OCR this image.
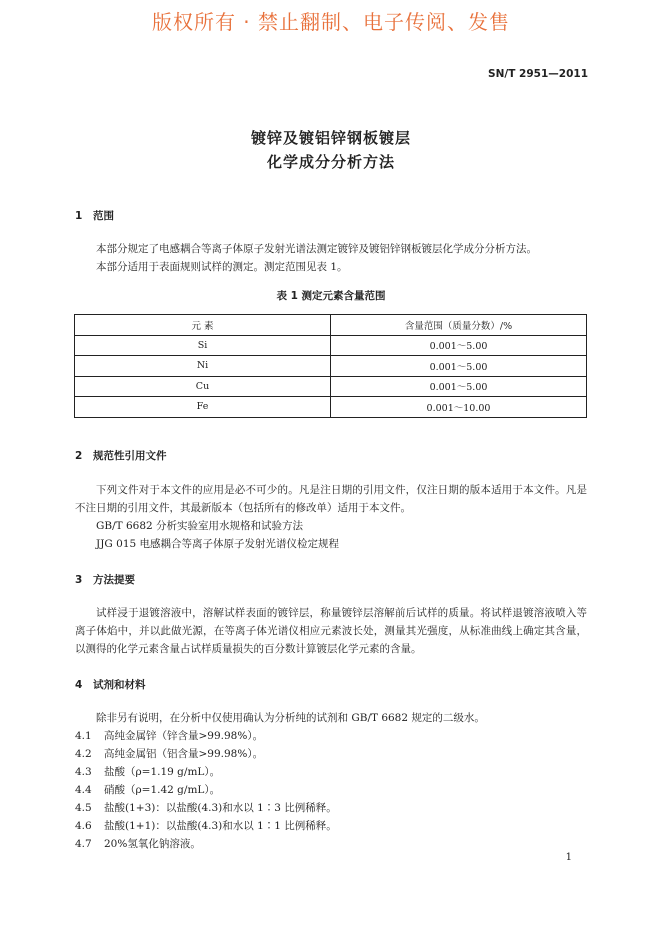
版权所有 · 禁止翻制、电子传阅、发售
SN/T 2951—2011
镀锌及镀铝锌钢板镀层
化学成分分析方法
1 范围
本部分规定了电感耦合等离子体原子发射光谱法测定镀锌及镀铝锌钢板镀层化学成分分析方法。
本部分适用于表面规则试样的测定。测定范围见表 1。
表 1 测定元素含量范围
元 素	含量范围（质量分数）/%
Si	0.001～5.00
Ni	0.001～5.00
Cu	0.001～5.00
Fe	0.001～10.00
2 规范性引用文件
下列文件对于本文件的应用是必不可少的。凡是注日期的引用文件，仅注日期的版本适用于本文件。凡是不注日期的引用文件，其最新版本（包括所有的修改单）适用于本文件。
GB/T 6682 分析实验室用水规格和试验方法
JJG 015 电感耦合等离子体原子发射光谱仪检定规程
3 方法提要
试样浸于退镀溶液中，溶解试样表面的镀锌层，称量镀锌层溶解前后试样的质量。将试样退镀溶液喷入等离子体焰中，并以此做光源，在等离子体光谱仪相应元素波长处，测量其光强度，从标准曲线上确定其含量，以测得的化学元素含量占试样质量损失的百分数计算镀层化学元素的含量。
4 试剂和材料
除非另有说明，在分析中仅使用确认为分析纯的试剂和 GB/T 6682 规定的二级水。
4.1 高纯金属锌（锌含量>99.98%）。
4.2 高纯金属铝（铝含量>99.98%）。
4.3 盐酸（ρ=1.19 g/mL）。
4.4 硝酸（ρ=1.42 g/mL）。
4.5 盐酸(1+3)：以盐酸(4.3)和水以 1∶3 比例稀释。
4.6 盐酸(1+1)：以盐酸(4.3)和水以 1∶1 比例稀释。
4.7 20%氢氧化钠溶液。
1
